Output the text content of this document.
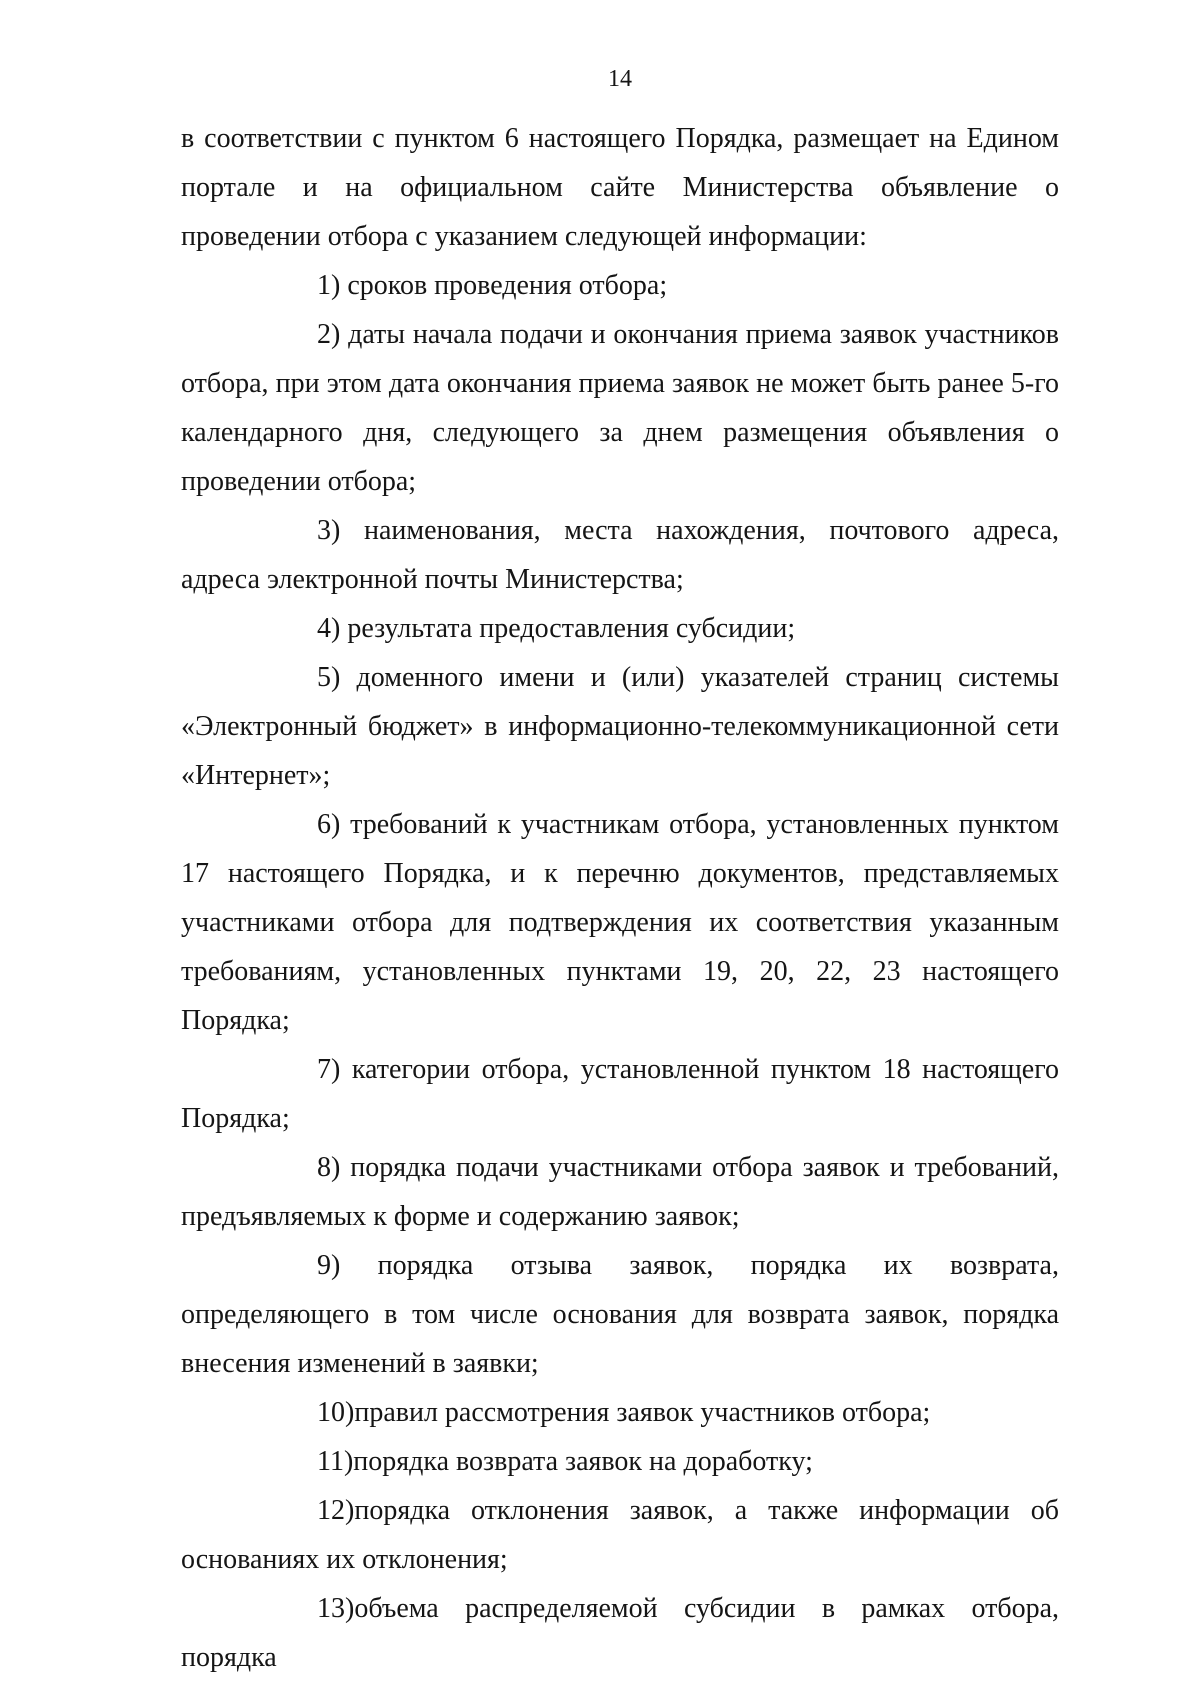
14

в соответствии с пунктом 6 настоящего Порядка, размещает на Едином портале и на официальном сайте Министерства объявление о проведении отбора с указанием следующей информации:

1) сроков проведения отбора;

2) даты начала подачи и окончания приема заявок участников отбора, при этом дата окончания приема заявок не может быть ранее 5-го календарного дня, следующего за днем размещения объявления о проведении отбора;

3) наименования, места нахождения, почтового адреса, адреса электронной почты Министерства;

4) результата предоставления субсидии;

5) доменного имени и (или) указателей страниц системы «Электронный бюджет» в информационно-телекоммуникационной сети «Интернет»;

6) требований к участникам отбора, установленных пунктом 17 настоящего Порядка, и к перечню документов, представляемых участниками отбора для подтверждения их соответствия указанным требованиям, установленных пунктами 19, 20, 22, 23 настоящего Порядка;

7) категории отбора, установленной пунктом 18 настоящего Порядка;

8) порядка подачи участниками отбора заявок и требований, предъявляемых к форме и содержанию заявок;

9) порядка отзыва заявок, порядка их возврата, определяющего в том числе основания для возврата заявок, порядка внесения изменений в заявки;

10)правил рассмотрения заявок участников отбора;

11)порядка возврата заявок на доработку;

12)порядка отклонения заявок, а также информации об основаниях их отклонения;

13)объема распределяемой субсидии в рамках отбора, порядка
